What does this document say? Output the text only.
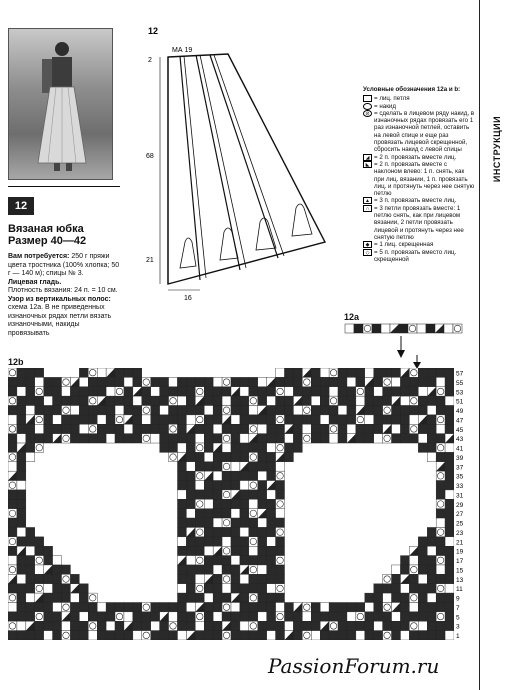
12
Вязаная юбка
Размер 40—42
Вам потребуется: 250 г пряжи цвета тростника (100% хлопка; 50 г — 140 м); спицы № 3.
Лицевая гладь.
Плотность вязания: 24 п. = 10 см.
Узор из вертикальных полос: схема 12а. В не приведенных изнаночных рядах петли вязать изнаночными, накиды провязывать
ИНСТРУКЦИИ
12
МА 19
2
68
21
16
Условные обозначения 12а и b:
= лиц. петля
= накид
⊘ = сделать в лицевом ряду накид, в изнаночных рядах провязать его 1 раз изнаночной петлей, оставить на левой спице и еще раз провязать лицевой скрещенной, сбросить накид с левой спицы
◢ = 2 п. провязать вместе лиц.
◣ = 2 п. провязать вместе с наклоном влево: 1 п. снять, как при лиц. вязании, 1 п. провязать лиц. и протянуть через нее снятую петлю
▲ = 3 п. провязать вместе лиц.
∩ = 3 петли провязать вместе: 1 петлю снять, как при лицевом вязании, 2 петли провязать лицевой и протянуть через нее снятую петлю
◆ = 1 лиц. скрещенная
◇ = 5 п. провязать вместо лиц. скрещенной
12a
12b
57
55
53
51
49
47
45
43
41
39
37
35
33
31
29
27
25
23
21
19
17
15
13
11
9
7
5
3
1
PassionForum.ru
